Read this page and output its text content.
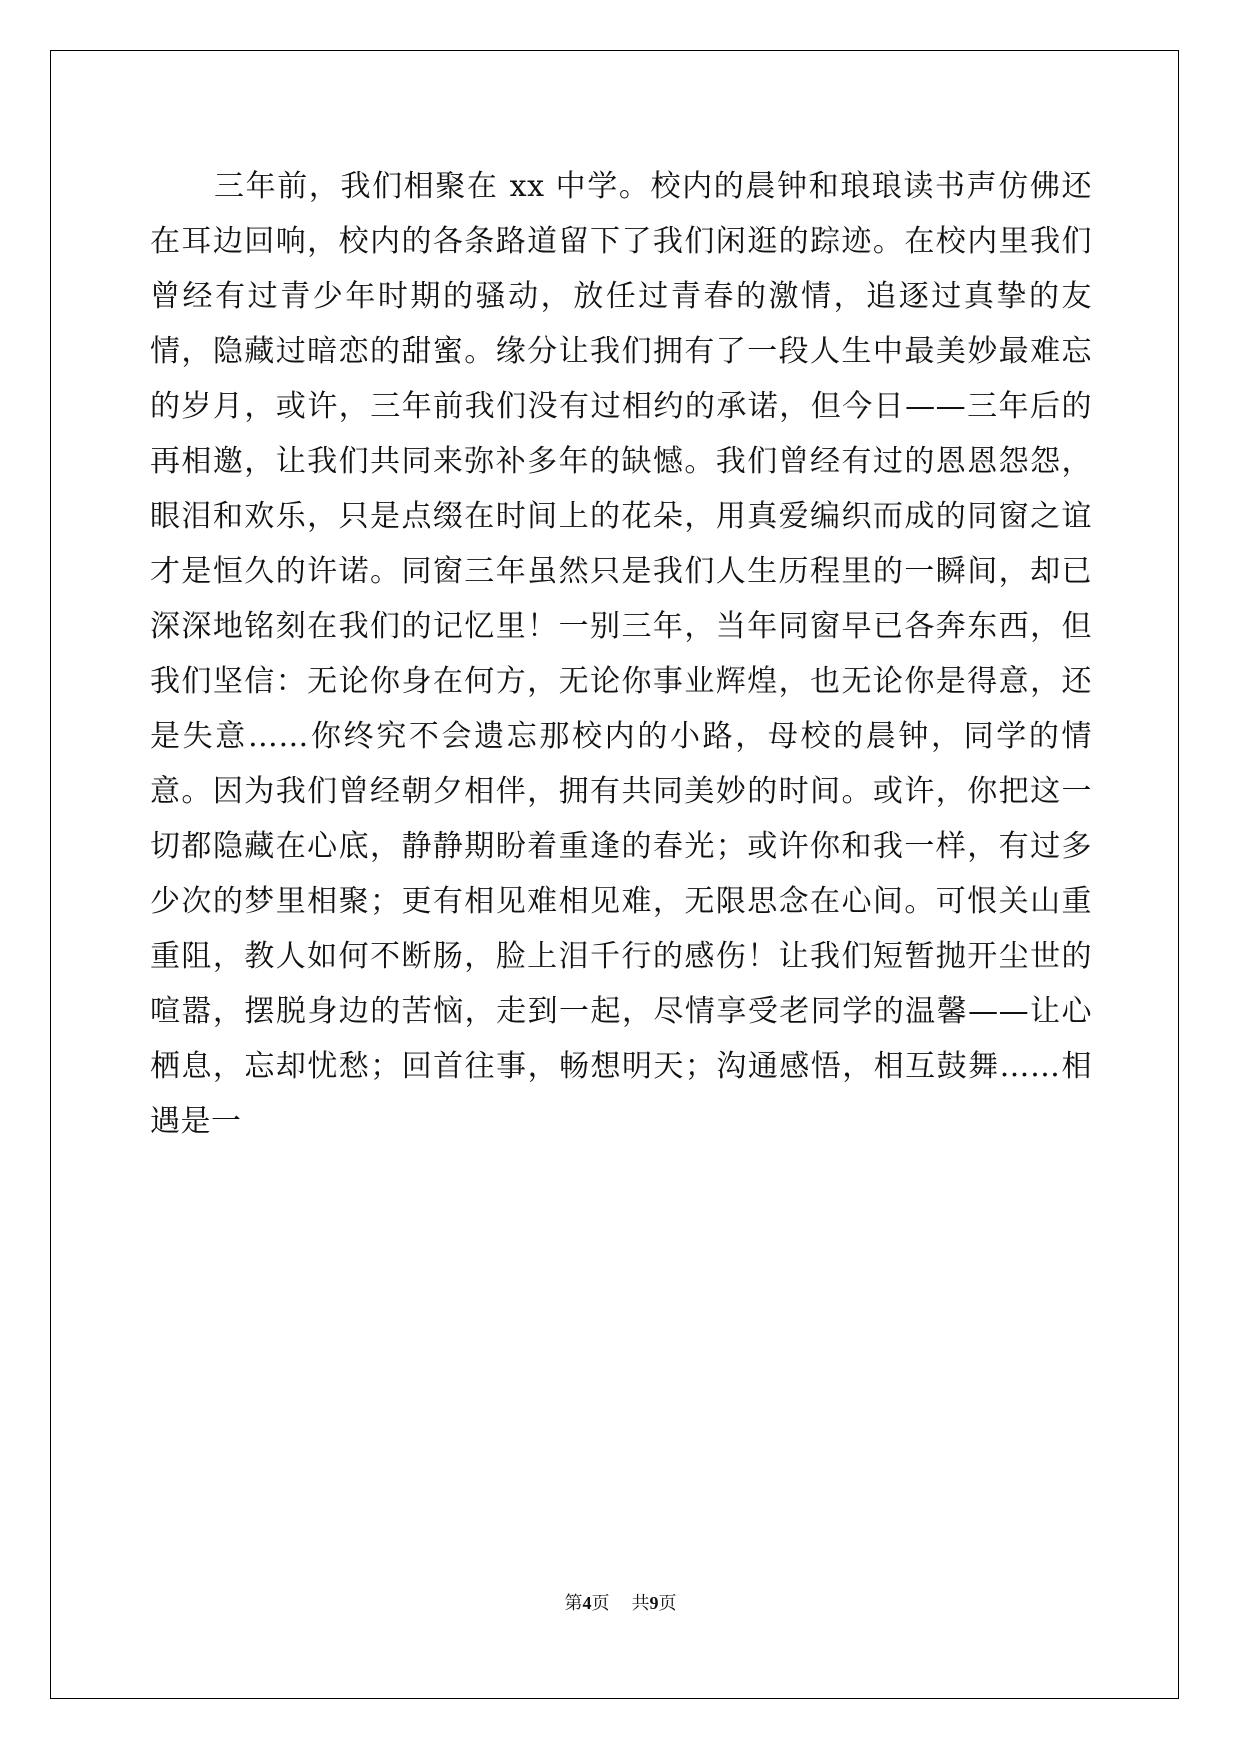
三年前，我们相聚在 xx 中学。校内的晨钟和琅琅读书声仿佛还在耳边回响，校内的各条路道留下了我们闲逛的踪迹。在校内里我们曾经有过青少年时期的骚动，放任过青春的激情，追逐过真挚的友情，隐藏过暗恋的甜蜜。缘分让我们拥有了一段人生中最美妙最难忘的岁月，或许，三年前我们没有过相约的承诺，但今日——三年后的再相邀，让我们共同来弥补多年的缺憾。我们曾经有过的恩恩怨怨，眼泪和欢乐，只是点缀在时间上的花朵，用真爱编织而成的同窗之谊才是恒久的许诺。同窗三年虽然只是我们人生历程里的一瞬间，却已深深地铭刻在我们的记忆里！一别三年，当年同窗早已各奔东西，但我们坚信：无论你身在何方，无论你事业辉煌，也无论你是得意，还是失意……你终究不会遗忘那校内的小路，母校的晨钟，同学的情意。因为我们曾经朝夕相伴，拥有共同美妙的时间。或许，你把这一切都隐藏在心底，静静期盼着重逢的春光；或许你和我一样，有过多少次的梦里相聚；更有相见难相见难，无限思念在心间。可恨关山重重阻，教人如何不断肠，脸上泪千行的感伤！让我们短暂抛开尘世的喧嚣，摆脱身边的苦恼，走到一起，尽情享受老同学的温馨——让心栖息，忘却忧愁；回首往事，畅想明天；沟通感悟，相互鼓舞……相遇是一

第4页 共9页
